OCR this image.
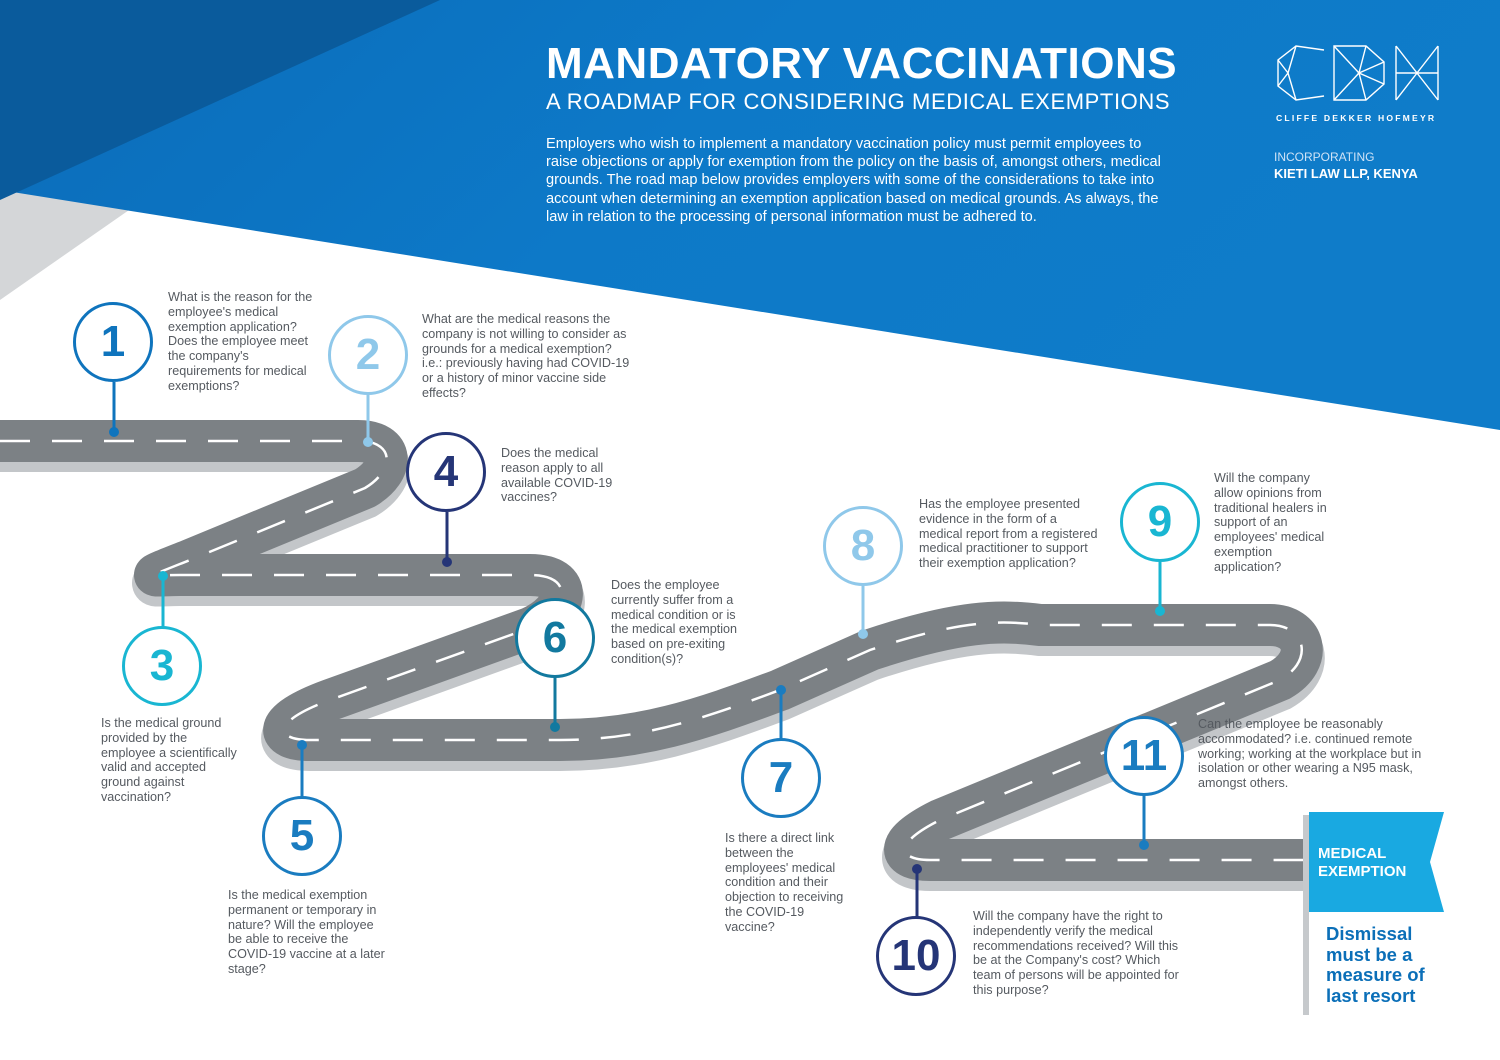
MANDATORY VACCINATIONS
A ROADMAP FOR CONSIDERING MEDICAL EXEMPTIONS
Employers who wish to implement a mandatory vaccination policy must permit employees to raise objections or apply for exemption from the policy on the basis of, amongst others, medical grounds. The road map below provides employers with some of the considerations to take into account when determining an exemption application based on medical grounds. As always, the law in relation to the processing of personal information must be adhered to.
CLIFFE DEKKER HOFMEYR
INCORPORATING
KIETI LAW LLP, KENYA
1	2
3
4
5
6
7
8	9
10
11
What is the reason for the employee's medical exemption application? Does the employee meet the company's requirements for medical exemptions?
What are the medical reasons the company is not willing to consider as grounds for a medical exemption? i.e.: previously having had COVID-19 or a history of minor vaccine side effects?
Is the medical ground provided by the employee a scientifically valid and accepted ground against vaccination?
Does the medical reason apply to all available COVID-19 vaccines?
Is the medical exemption permanent or temporary in nature? Will the employee be able to receive the COVID-19 vaccine at a later stage?
Does the employee currently suffer from a medical condition or is the medical exemption based on pre-exiting condition(s)?
Is there a direct link between the employees' medical condition and their objection to receiving the COVID-19 vaccine?
Has the employee presented evidence in the form of a medical report from a registered medical practitioner to support their exemption application?
Will the company allow opinions from traditional healers in support of an employees' medical exemption application?
Will the company have the right to independently verify the medical recommendations received? Will this be at the Company's cost? Which team of persons will be appointed for this purpose?
Can the employee be reasonably accommodated? i.e. continued remote working; working at the workplace but in isolation or other wearing a N95 mask, amongst others.
MEDICAL
EXEMPTION
Dismissal
must be a
measure of
last resort
